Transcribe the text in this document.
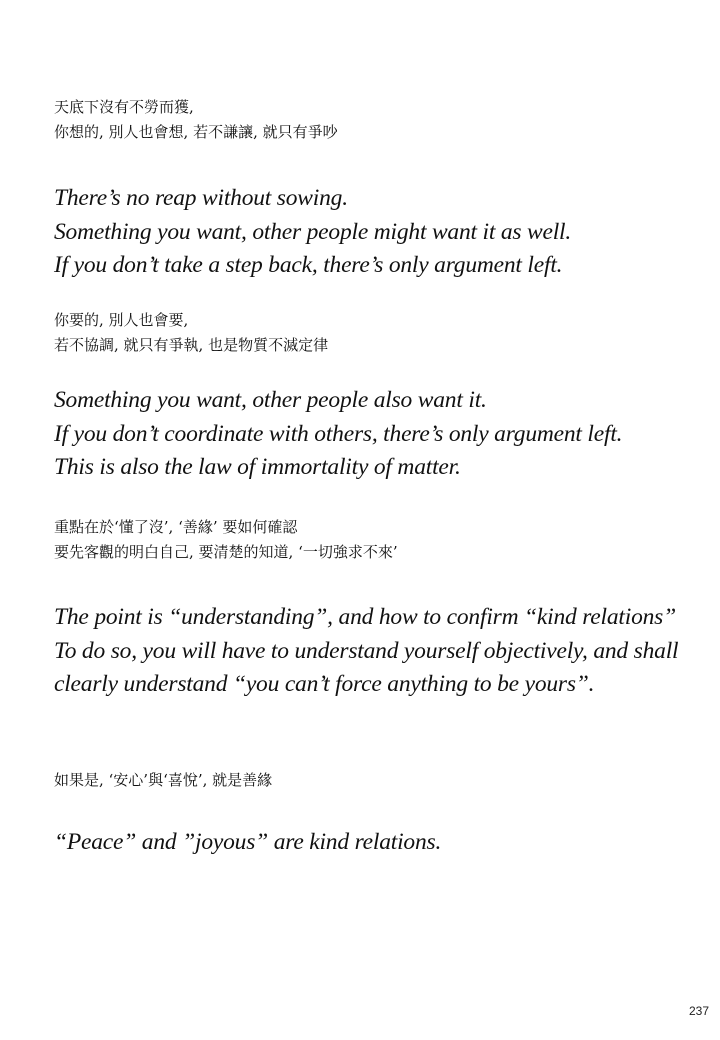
天底下沒有不勞而獲,
你想的, 別人也會想, 若不謙讓, 就只有爭吵

There’s no reap without sowing.
Something you want, other people might want it as well.
If you don’t take a step back, there’s only argument left.

你要的, 別人也會要,
若不協調, 就只有爭執, 也是物質不滅定律

Something you want, other people also want it.
If you don’t coordinate with others, there’s only argument left.
This is also the law of immortality of matter.

重點在於‘懂了沒’, ‘善緣’ 要如何確認
要先客觀的明白自己, 要清楚的知道, ‘一切強求不來’

The point is “understanding”, and how to confirm “kind relations”
To do so, you will have to understand yourself objectively, and shall clearly understand “you can’t force anything to be yours”.

如果是, ‘安心’與‘喜悅’, 就是善緣

“Peace” and ”joyous” are kind relations.

237
